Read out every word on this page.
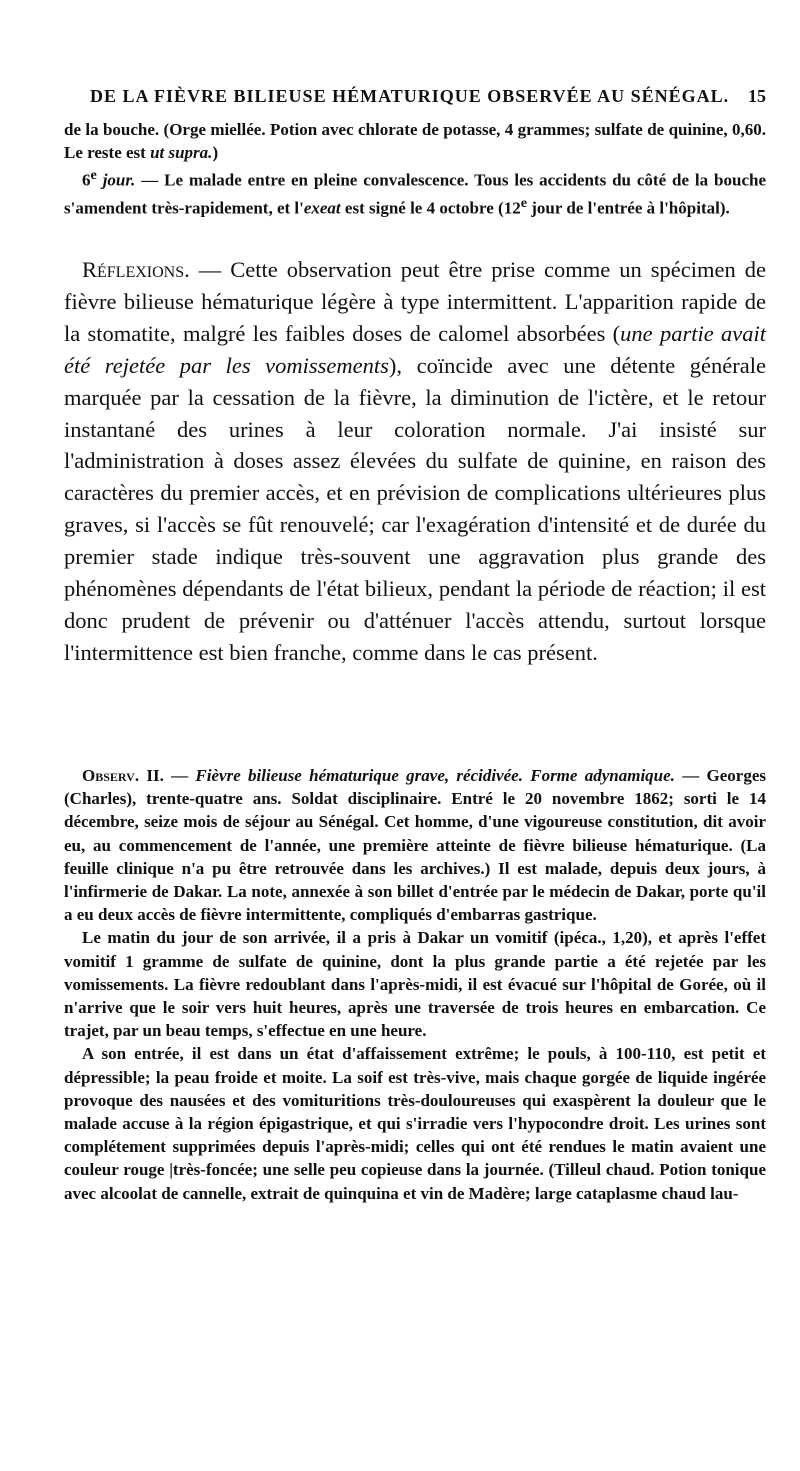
DE LA FIÈVRE BILIEUSE HÉMATURIQUE OBSERVÉE AU SÉNÉGAL. 15

de la bouche. (Orge miellée. Potion avec chlorate de potasse, 4 grammes; sulfate de quinine, 0,60. Le reste est ut supra.)

6e jour. — Le malade entre en pleine convalescence. Tous les accidents du côté de la bouche s'amendent très-rapidement, et l'exeat est signé le 4 octobre (12e jour de l'entrée à l'hôpital).

Réflexions. — Cette observation peut être prise comme un spécimen de fièvre bilieuse hématurique légère à type intermittent. L'apparition rapide de la stomatite, malgré les faibles doses de calomel absorbées (une partie avait été rejetée par les vomissements), coïncide avec une détente générale marquée par la cessation de la fièvre, la diminution de l'ictère, et le retour instantané des urines à leur coloration normale. J'ai insisté sur l'administration à doses assez élevées du sulfate de quinine, en raison des caractères du premier accès, et en prévision de complications ultérieures plus graves, si l'accès se fût renouvelé; car l'exagération d'intensité et de durée du premier stade indique très-souvent une aggravation plus grande des phénomènes dépendants de l'état bilieux, pendant la période de réaction; il est donc prudent de prévenir ou d'atténuer l'accès attendu, surtout lorsque l'intermittence est bien franche, comme dans le cas présent.

Observ. II. — Fièvre bilieuse hématurique grave, récidivée. Forme adynamique. — Georges (Charles), trente-quatre ans. Soldat disciplinaire. Entré le 20 novembre 1862; sorti le 14 décembre, seize mois de séjour au Sénégal. Cet homme, d'une vigoureuse constitution, dit avoir eu, au commencement de l'année, une première atteinte de fièvre bilieuse hématurique. (La feuille clinique n'a pu être retrouvée dans les archives.) Il est malade, depuis deux jours, à l'infirmerie de Dakar. La note, annexée à son billet d'entrée par le médecin de Dakar, porte qu'il a eu deux accès de fièvre intermittente, compliqués d'embarras gastrique.

Le matin du jour de son arrivée, il a pris à Dakar un vomitif (ipéca., 1,20), et après l'effet vomitif 1 gramme de sulfate de quinine, dont la plus grande partie a été rejetée par les vomissements. La fièvre redoublant dans l'après-midi, il est évacué sur l'hôpital de Gorée, où il n'arrive que le soir vers huit heures, après une traversée de trois heures en embarcation. Ce trajet, par un beau temps, s'effectue en une heure.

A son entrée, il est dans un état d'affaissement extrême; le pouls, à 100-110, est petit et dépressible; la peau froide et moite. La soif est très-vive, mais chaque gorgée de liquide ingérée provoque des nausées et des vomituritions très-douloureuses qui exaspèrent la douleur que le malade accuse à la région épigastrique, et qui s'irradie vers l'hypocondre droit. Les urines sont complétement supprimées depuis l'après-midi; celles qui ont été rendues le matin avaient une couleur rouge |très-foncée; une selle peu copieuse dans la journée. (Tilleul chaud. Potion tonique avec alcoolat de cannelle, extrait de quinquina et vin de Madère; large cataplasme chaud lau-
